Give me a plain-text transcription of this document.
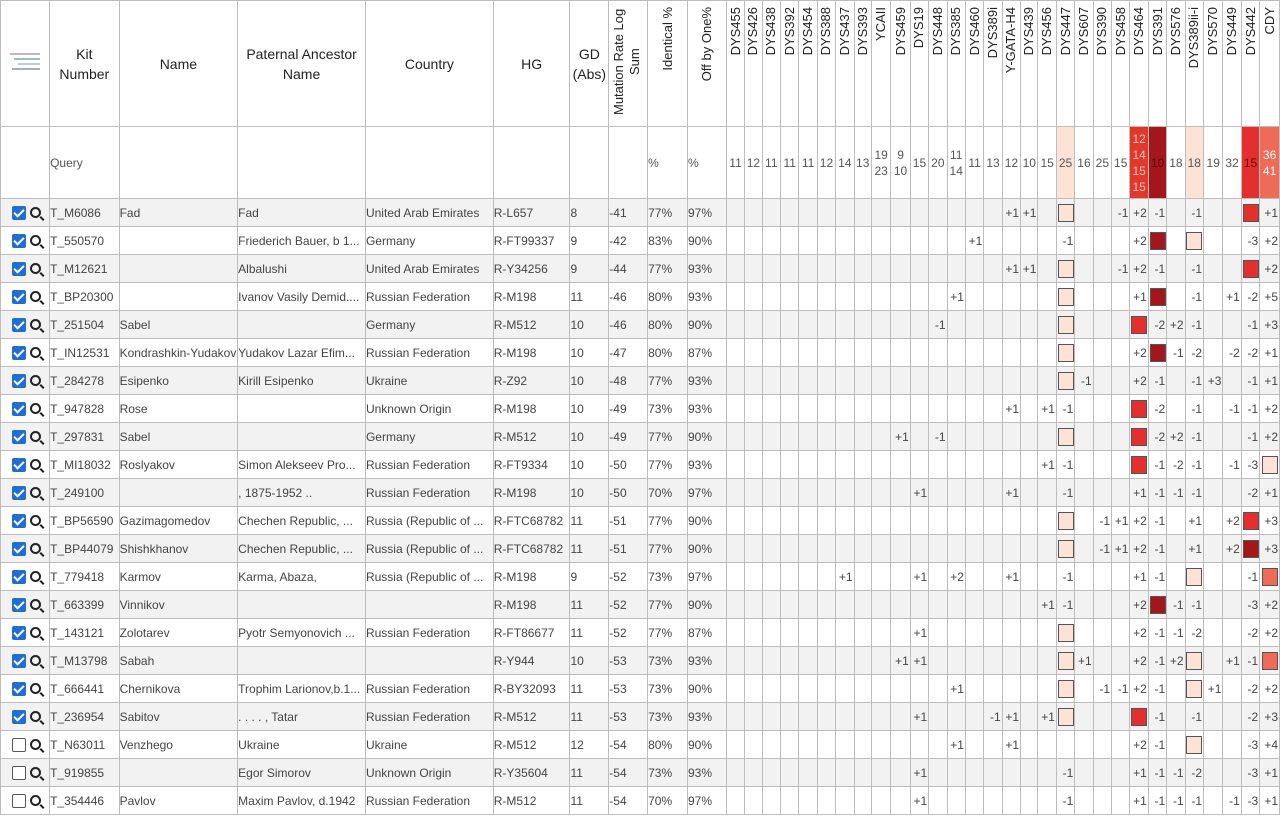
	Kit Number	Name	Paternal Ancestor Name	Country	HG	GD (Abs)	Mutation Rate Log Sum	Identical %	Off by One%	DYS455	DYS426	DYS438	DYS392	DYS454	DYS388	DYS437	DYS393	YCAII	DYS459	DYS19	DYS448	DYS385	DYS460	DYS389i	Y-GATA-H4	DYS439	DYS456	DYS447	DYS607	DYS390	DYS458	DYS464	DYS391	DYS576	DYS389ii-i	DYS570	DYS449	DYS442	CDY
	Query							%	%	11	12	11	11	11	12	14	13	19 23	9 10	15	20	11 14	11	13	12	10	15	25	16	25	15	12 14 15 15	10	18	18	19	32	15	36 41
	T_M6086	Fad	Fad	United Arab Emirates	R-L657	8	-41	77%	97%																+1	+1					-1	+2	-1		-1				+1
	T_550570		Friederich Bauer, b 1...	Germany	R-FT99337	9	-42	83%	90%														+1					-1				+2						-3	+2
	T_M12621		Albalushi	United Arab Emirates	R-Y34256	9	-44	77%	93%																+1	+1					-1	+2	-1		-1				+2
	T_BP20300		Ivanov Vasily Demid....	Russian Federation	R-M198	11	-46	80%	93%													+1										+1			-1		+1	-2	+5
	T_251504	Sabel		Germany	R-M512	10	-46	80%	90%												-1												-2	+2	-1			-1	+3
	T_IN12531	Kondrashkin-Yudakov	Yudakov Lazar Efim...	Russian Federation	R-M198	10	-47	80%	87%																							+2		-1	-2		-2	-2	+1
	T_284278	Esipenko	Kirill Esipenko	Ukraine	R-Z92	10	-48	77%	93%																				-1			+2	-1		-1	+3		-1	+1
	T_947828	Rose		Unknown Origin	R-M198	10	-49	73%	93%																+1		+1	-1					-2		-1		-1	-1	+2
	T_297831	Sabel		Germany	R-M512	10	-49	77%	90%										+1		-1												-2	+2	-1			-1	+2
	T_MI18032	Roslyakov	Simon Alekseev Pro...	Russian Federation	R-FT9334	10	-50	77%	93%																		+1	-1					-1	-2	-1		-1	-3	
	T_249100		, 1875-1952 ..	Russian Federation	R-M198	10	-50	70%	97%											+1					+1			-1				+1	-1	-1	-1			-2	+1
	T_BP56590	Gazimagomedov	Chechen Republic, ...	Russia (Republic of ...	R-FTC68782	11	-51	77%	90%																					-1	+1	+2	-1		+1		+2		+3
	T_BP44079	Shishkhanov	Chechen Republic, ...	Russia (Republic of ...	R-FTC68782	11	-51	77%	90%																					-1	+1	+2	-1		+1		+2		+3
	T_779418	Karmov	Karma, Abaza,	Russia (Republic of ...	R-M198	9	-52	73%	97%							+1				+1		+2			+1			-1				+1	-1					-1	
	T_663399	Vinnikov			R-M198	11	-52	77%	90%																		+1	-1				+2		-1	-1			-3	+2
	T_143121	Zolotarev	Pyotr Semyonovich ...	Russian Federation	R-FT86677	11	-52	77%	87%											+1												+2	-1	-1	-2			-2	+2
	T_M13798	Sabah			R-Y944	10	-53	73%	93%										+1	+1									+1			+2	-1	+2			+1	-1	
	T_666441	Chernikova	Trophim Larionov,b.1...	Russian Federation	R-BY32093	11	-53	73%	90%													+1								-1	-1	+2	-1			+1		-2	+2
	T_236954	Sabitov	. . . . , Tatar	Russian Federation	R-M512	11	-53	73%	93%											+1				-1	+1		+1						-1		-1			-2	+3
	T_N63011	Venzhego	Ukraine	Ukraine	R-M512	12	-54	80%	90%													+1			+1							+2	-1					-3	+4
	T_919855		Egor Simorov	Unknown Origin	R-Y35604	11	-54	73%	93%											+1								-1				+1	-1	-1	-2			-3	+1
	T_354446	Pavlov	Maxim Pavlov, d.1942	Russian Federation	R-M512	11	-54	70%	97%											+1								-1				+1	-1	-1	-1		-1	-3	+1
